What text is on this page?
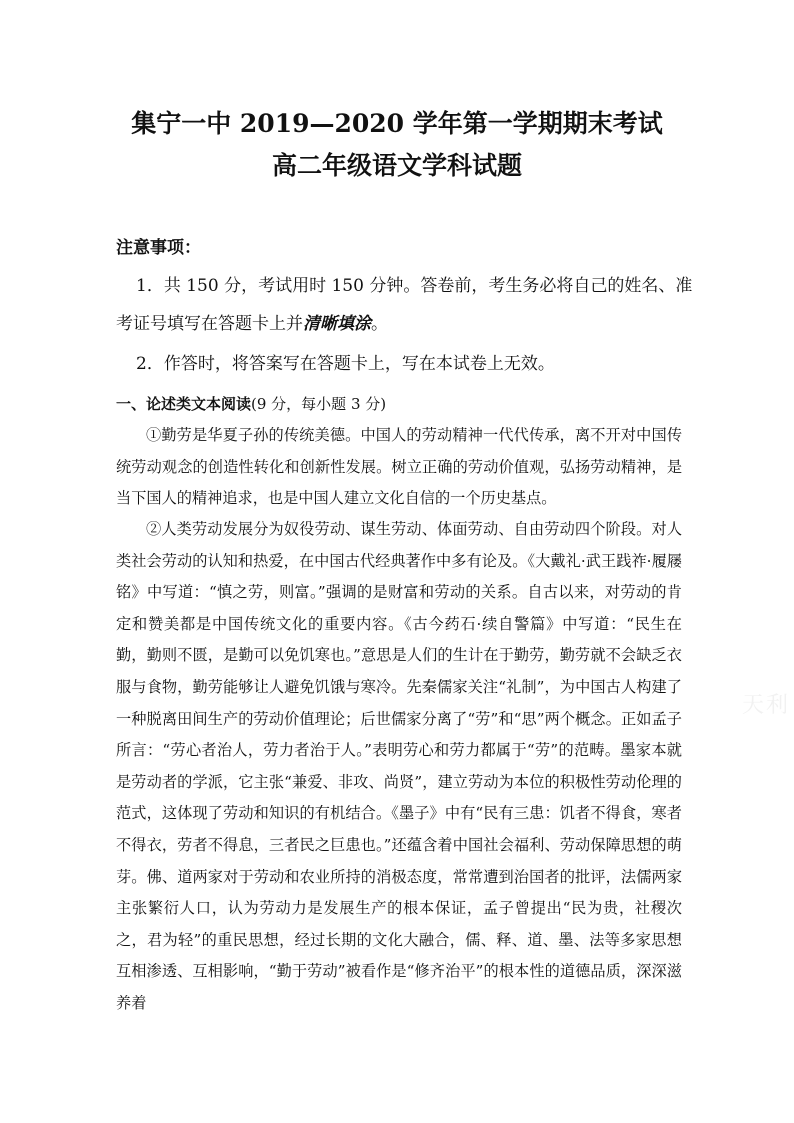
集宁一中 2019—2020 学年第一学期期末考试
高二年级语文学科试题

注意事项：

1．共 150 分，考试用时 150 分钟。答卷前，考生务必将自己的姓名、准考证号填写在答题卡上并清晰填涂。

2．作答时，将答案写在答题卡上，写在本试卷上无效。

一、论述类文本阅读(9 分，每小题 3 分)

①勤劳是华夏子孙的传统美德。中国人的劳动精神一代代传承，离不开对中国传统劳动观念的创造性转化和创新性发展。树立正确的劳动价值观，弘扬劳动精神，是当下国人的精神追求，也是中国人建立文化自信的一个历史基点。

②人类劳动发展分为奴役劳动、谋生劳动、体面劳动、自由劳动四个阶段。对人类社会劳动的认知和热爱，在中国古代经典著作中多有论及。《大戴礼·武王践祚·履屦铭》中写道：“慎之劳，则富。”强调的是财富和劳动的关系。自古以来，对劳动的肯定和赞美都是中国传统文化的重要内容。《古今药石·续自警篇》中写道：“民生在勤，勤则不匮，是勤可以免饥寒也。”意思是人们的生计在于勤劳，勤劳就不会缺乏衣服与食物，勤劳能够让人避免饥饿与寒冷。先秦儒家关注“礼制”，为中国古人构建了一种脱离田间生产的劳动价值理论；后世儒家分离了“劳”和“思”两个概念。正如孟子所言：“劳心者治人，劳力者治于人。”表明劳心和劳力都属于“劳”的范畴。墨家本就是劳动者的学派，它主张“兼爱、非攻、尚贤”，建立劳动为本位的积极性劳动伦理的范式，这体现了劳动和知识的有机结合。《墨子》中有“民有三患：饥者不得食，寒者不得衣，劳者不得息，三者民之巨患也。”还蕴含着中国社会福利、劳动保障思想的萌芽。佛、道两家对于劳动和农业所持的消极态度，常常遭到治国者的批评，法儒两家主张繁衍人口，认为劳动力是发展生产的根本保证，孟子曾提出“民为贵，社稷次之，君为轻”的重民思想，经过长期的文化大融合，儒、释、道、墨、法等多家思想互相渗透、互相影响，“勤于劳动”被看作是“修齐治平”的根本性的道德品质，深深滋养着

天利
